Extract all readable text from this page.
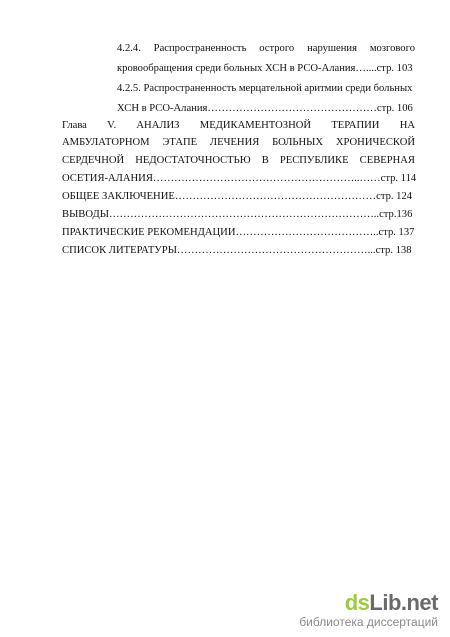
4.2.4. Распространенность острого нарушения мозгового
кровообращения среди больных ХСН в РСО-Алания…....стр. 103
4.2.5. Распространенность мерцательной аритмии среди больных
ХСН в РСО-Алания…………………………………………стр. 106
Глава V. АНАЛИЗ МЕДИКАМЕНТОЗНОЙ ТЕРАПИИ НА
АМБУЛАТОРНОМ ЭТАПЕ ЛЕЧЕНИЯ БОЛЬНЫХ ХРОНИЧЕСКОЙ
СЕРДЕЧНОЙ НЕДОСТАТОЧНОСТЬЮ В РЕСПУБЛИКЕ СЕВЕРНАЯ
ОСЕТИЯ-АЛАНИЯ…………………………………………………..……стр. 114
ОБЩЕЕ ЗАКЛЮЧЕНИЕ…………………………………………………стр. 124
ВЫВОДЫ…………………………………………………………………..стр.136
ПРАКТИЧЕСКИЕ РЕКОМЕНДАЦИИ…………………………………..стр. 137
СПИСОК ЛИТЕРАТУРЫ………………………………………………...стр. 138
dsLib.net
библиотека диссертаций
